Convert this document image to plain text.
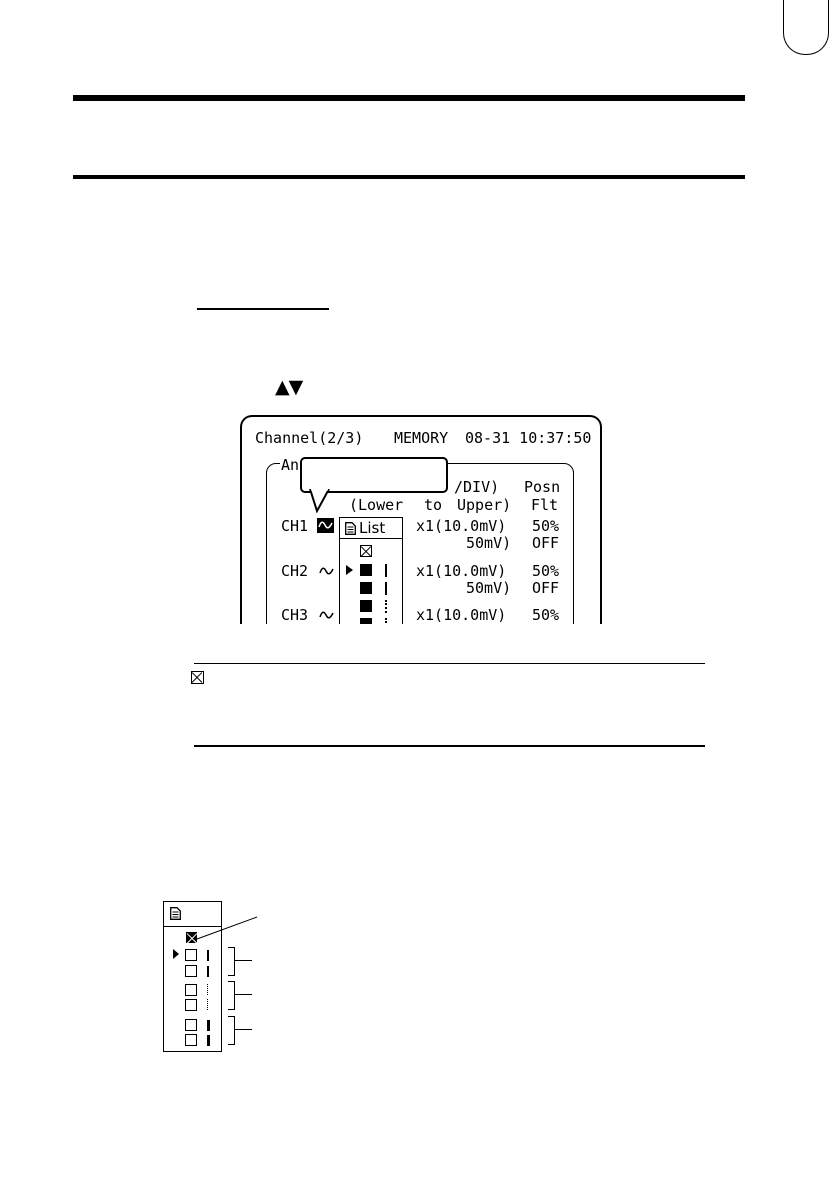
▲▼
Channel(2/3) MEMORY 08-31 10:37:50
An
/DIV) Posn
(Lower to Upper) Flt
CH1	x1(10.0mV) 50%
50mV) OFF
CH2	x1(10.0mV) 50%
50mV) OFF
CH3	x1(10.0mV) 50%
List
